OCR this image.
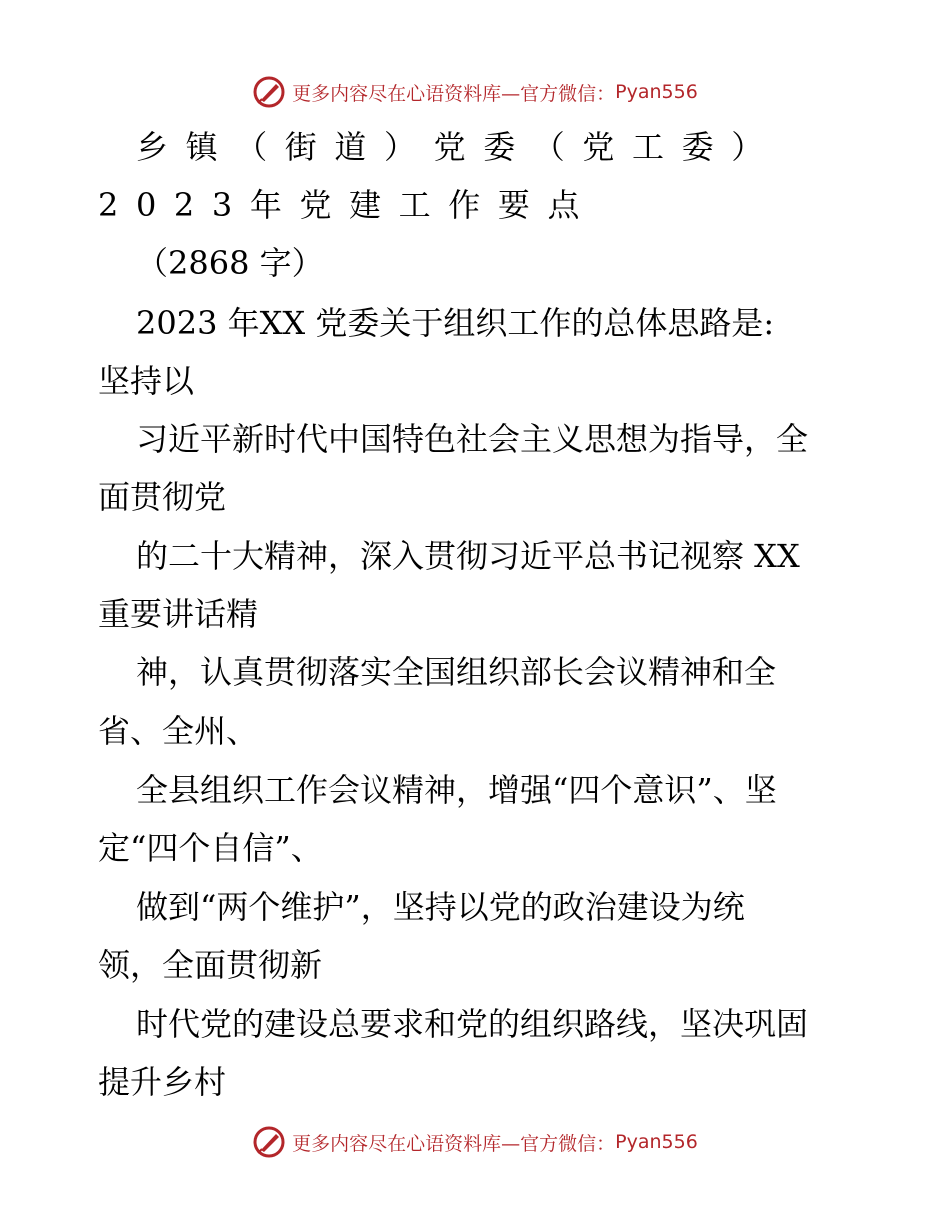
更多内容尽在心语资料库—官方微信： Pyan556
乡镇（街道）党委（党工委）
2023年党建工作要点
（2868 字）
2023 年XX 党委关于组织工作的总体思路是:
坚持以
习近平新时代中国特色社会主义思想为指导，全
面贯彻党
的二十大精神，深入贯彻习近平总书记视察 XX
重要讲话精
神，认真贯彻落实全国组织部长会议精神和全
省、全州、
全县组织工作会议精神，增强“四个意识”、坚
定“四个自信”、
做到“两个维护”，坚持以党的政治建设为统
领，全面贯彻新
时代党的建设总要求和党的组织路线，坚决巩固
提升乡村
更多内容尽在心语资料库—官方微信： Pyan556
